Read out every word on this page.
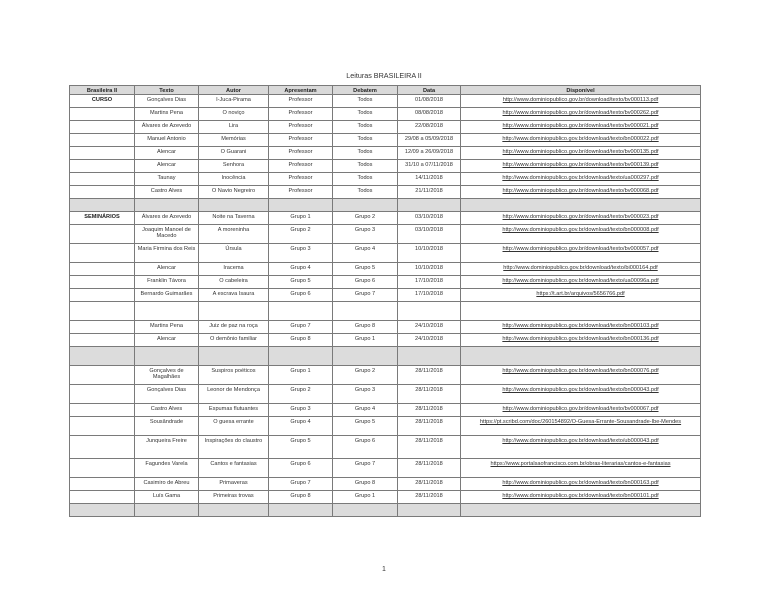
Leituras BRASILEIRA II
Brasileira II	Texto	Autor	Apresentam	Debatem	Data	Disponível
CURSO	Gonçalves Dias	I-Juca-Pirama	Professor	Todos	01/08/2018	http://www.dominiopublico.gov.br/download/texto/bv000113.pdf
	Martins Pena	O noviço	Professor	Todos	08/08/2018	http://www.dominiopublico.gov.br/download/texto/bv000262.pdf
	Álvares de Azevedo	Lira	Professor	Todos	22/08/2018	http://www.dominiopublico.gov.br/download/texto/bv000021.pdf
	Manuel Antonio	Memórias	Professor	Todos	29/08 a 05/09/2018	http://www.dominiopublico.gov.br/download/texto/bn000022.pdf
	Alencar	O Guarani	Professor	Todos	12/09 a 26/09/2018	http://www.dominiopublico.gov.br/download/texto/bv000135.pdf
	Alencar	Senhora	Professor	Todos	31/10 a 07/11/2018	http://www.dominiopublico.gov.br/download/texto/bv000139.pdf
	Taunay	Inocência	Professor	Todos	14/11/2018	http://www.dominiopublico.gov.br/download/texto/ua000297.pdf
	Castro Alves	O Navio Negreiro	Professor	Todos	21/11/2018	http://www.dominiopublico.gov.br/download/texto/bv000068.pdf

SEMINÁRIOS	Álvares de Azevedo	Noite na Taverna	Grupo 1	Grupo 2	03/10/2018	http://www.dominiopublico.gov.br/download/texto/bv000023.pdf
	Joaquim Manoel de Macedo	A moreninha	Grupo 2	Grupo 3	03/10/2018	http://www.dominiopublico.gov.br/download/texto/bn000008.pdf
	Maria Firmina dos Reis	Úrsula	Grupo 3	Grupo 4	10/10/2018	http://www.dominiopublico.gov.br/download/texto/bv000057.pdf
	Alencar	Iracema	Grupo 4	Grupo 5	10/10/2018	http://www.dominiopublico.gov.br/download/texto/bi000164.pdf
	Franklin Távora	O cabeleira	Grupo 5	Grupo 6	17/10/2018	http://www.dominiopublico.gov.br/download/texto/ua00096a.pdf
	Bernardo Guimarães	A escrava Isaura	Grupo 6	Grupo 7	17/10/2018	https://t.art.br/arquivos/5656766.pdf

	Martins Pena	Juiz de paz na roça	Grupo 7	Grupo 8	24/10/2018	http://www.dominiopublico.gov.br/download/texto/bn000103.pdf
	Alencar	O demônio familiar	Grupo 8	Grupo 1	24/10/2018	http://www.dominiopublico.gov.br/download/texto/bn000136.pdf

	Gonçalves de Magalhães	Suspiros poéticos	Grupo 1	Grupo 2	28/11/2018	http://www.dominiopublico.gov.br/download/texto/bn000076.pdf
	Gonçalves Dias	Leonor de Mendonça	Grupo 2	Grupo 3	28/11/2018	http://www.dominiopublico.gov.br/download/texto/bn000043.pdf
	Castro Alves	Espumas flutuantes	Grupo 3	Grupo 4	28/11/2018	http://www.dominiopublico.gov.br/download/texto/bv000067.pdf
	Sousândrade	O guesa errante	Grupo 4	Grupo 5	28/11/2018	https://pt.scribd.com/doc/260154892/O-Guesa-Errante-Sousandrade-Ibe-Mendes
	Junqueira Freire	Inspirações do claustro	Grupo 5	Grupo 6	28/11/2018	http://www.dominiopublico.gov.br/download/texto/ub000043.pdf
	Fagundes Varela	Cantos e fantasias	Grupo 6	Grupo 7	28/11/2018	https://www.portalsaofrancisco.com.br/obras-literarias/cantos-e-fantasias
	Casimiro de Abreu	Primaveras	Grupo 7	Grupo 8	28/11/2018	http://www.dominiopublico.gov.br/download/texto/bn000163.pdf
	Luís Gama	Primeiras trovas	Grupo 8	Grupo 1	28/11/2018	http://www.dominiopublico.gov.br/download/texto/bn000101.pdf

1
